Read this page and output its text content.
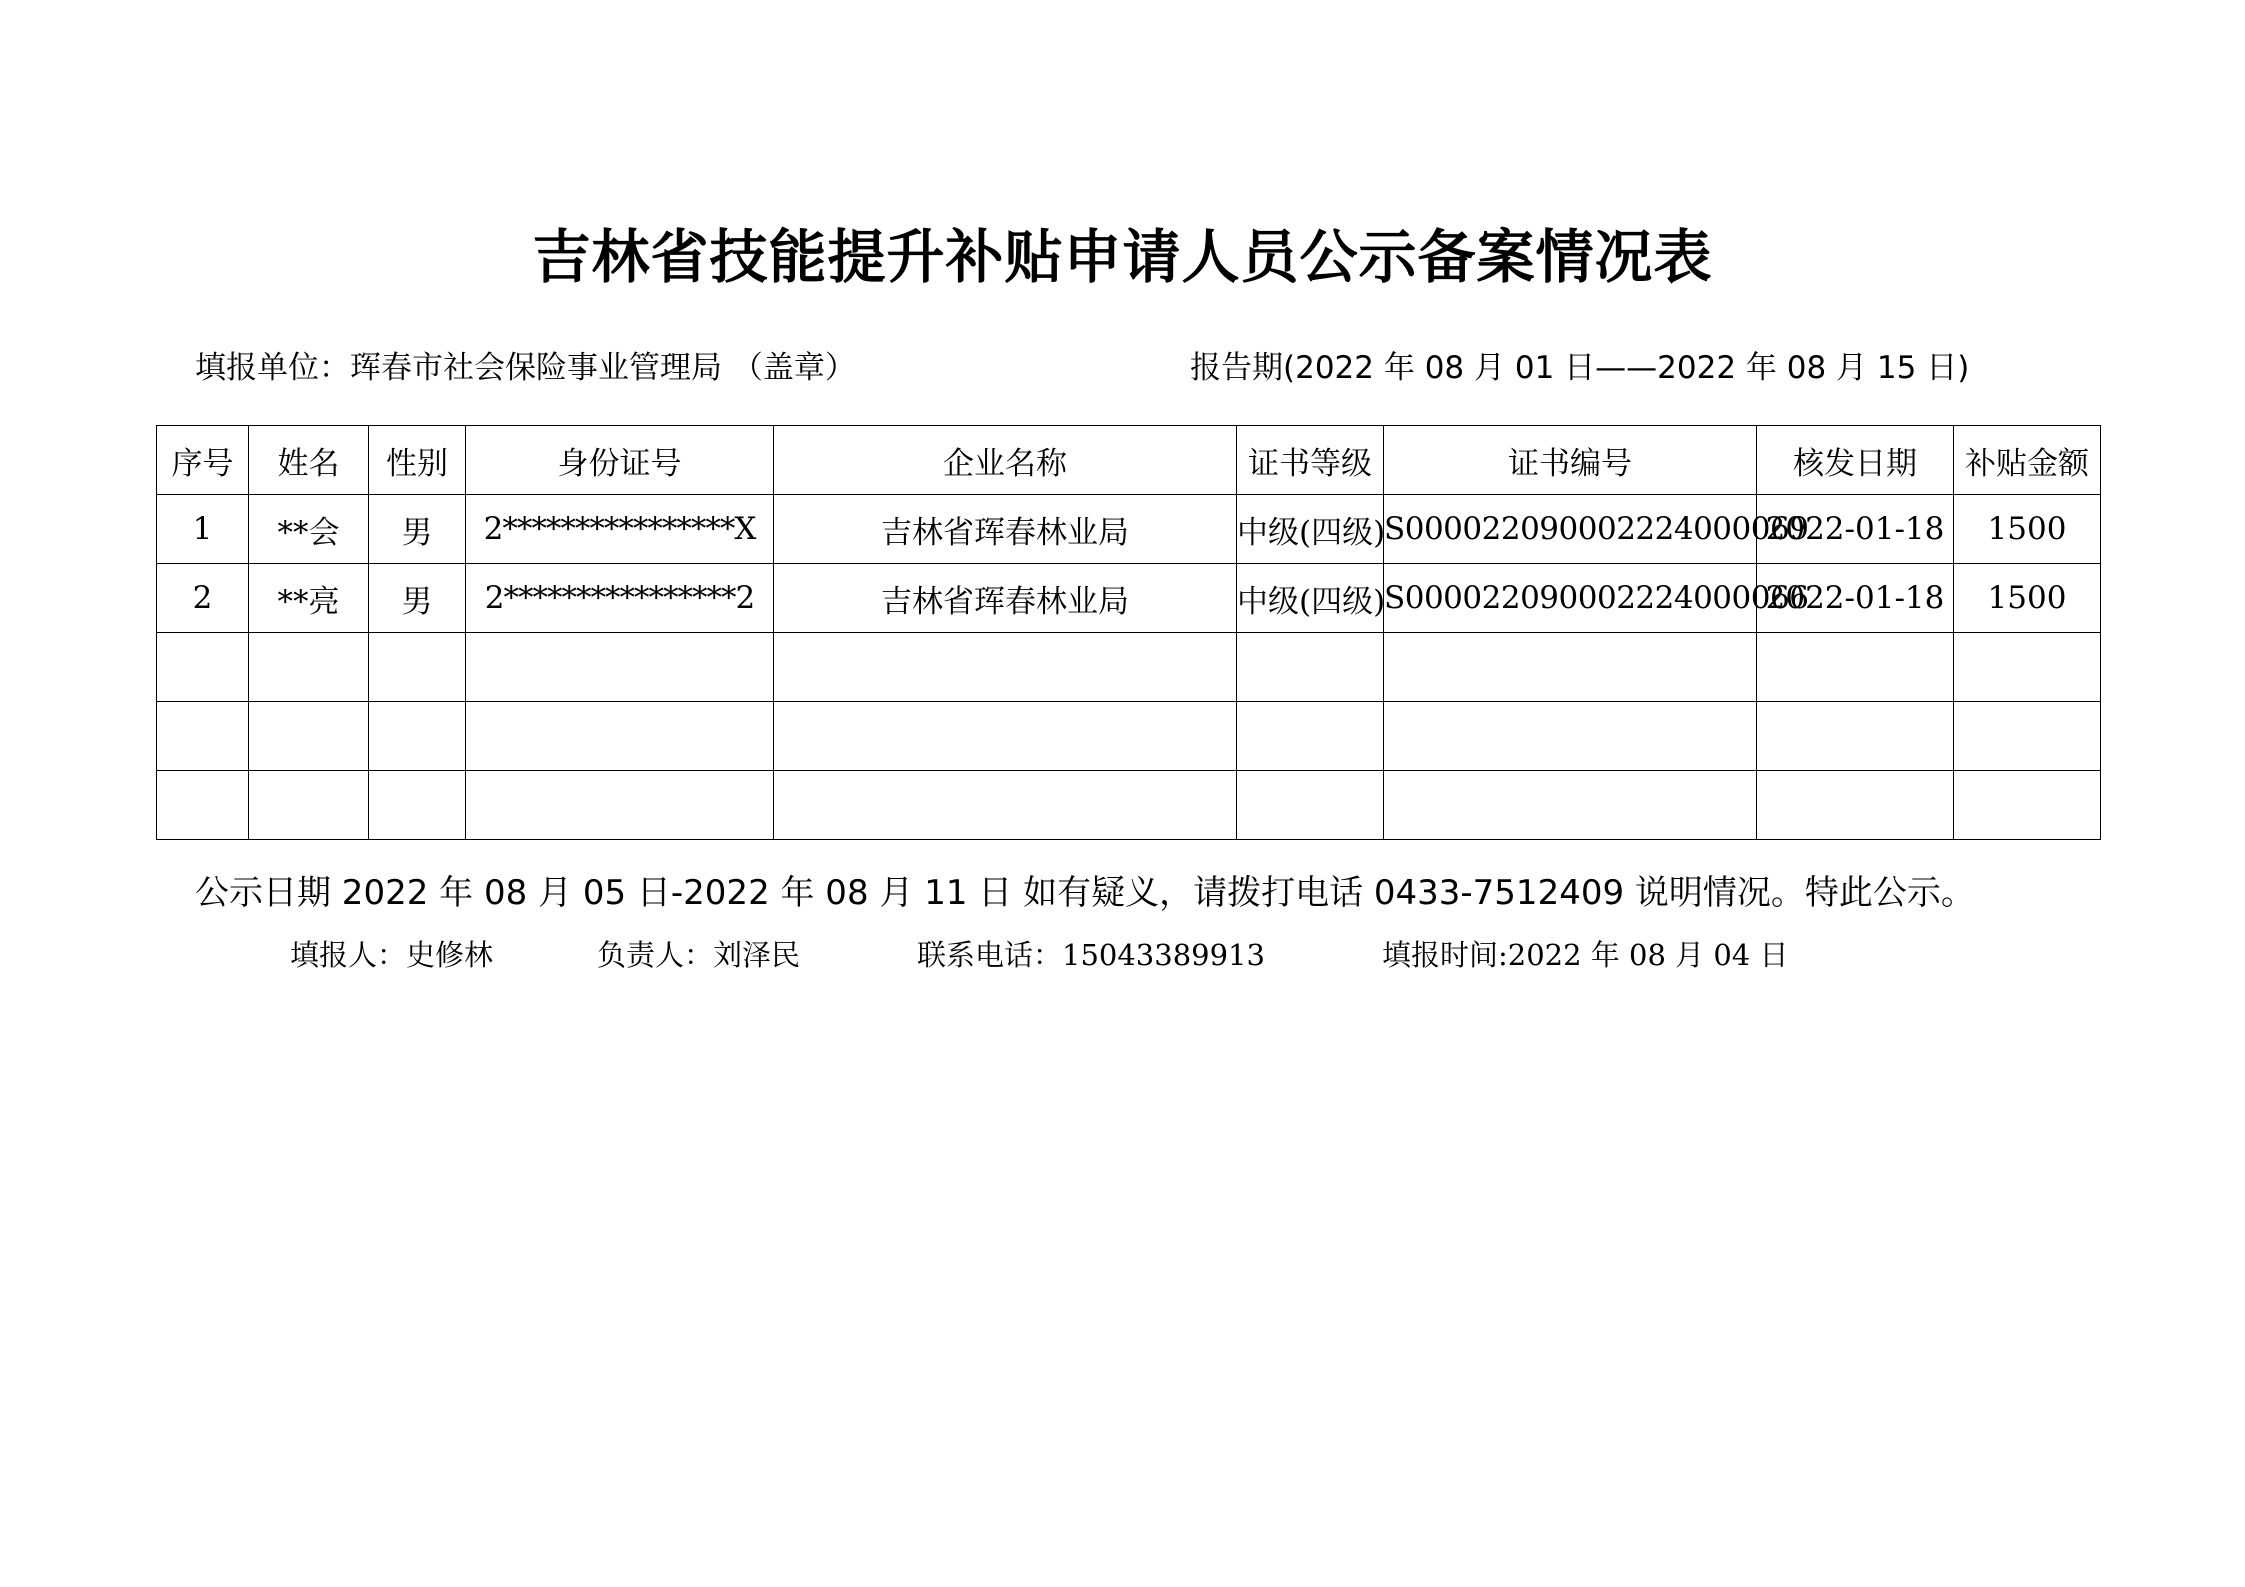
吉林省技能提升补贴申请人员公示备案情况表
填报单位：珲春市社会保险事业管理局 （盖章）	报告期(2022 年 08 月 01 日——2022 年 08 月 15 日)
序号	姓名	性别	身份证号	企业名称	证书等级	证书编号	核发日期	补贴金额
1	**会	男	2****************X	吉林省珲春林业局	中级(四级)	S000022090002224000069	2022-01-18	1500
2	**亮	男	2****************2	吉林省珲春林业局	中级(四级)	S000022090002224000066	2022-01-18	1500

公示日期 2022 年 08 月 05 日-2022 年 08 月 11 日 如有疑义，请拨打电话 0433-7512409 说明情况。特此公示。
填报人：史修林	负责人：刘泽民	联系电话：15043389913	填报时间:2022 年 08 月 04 日
